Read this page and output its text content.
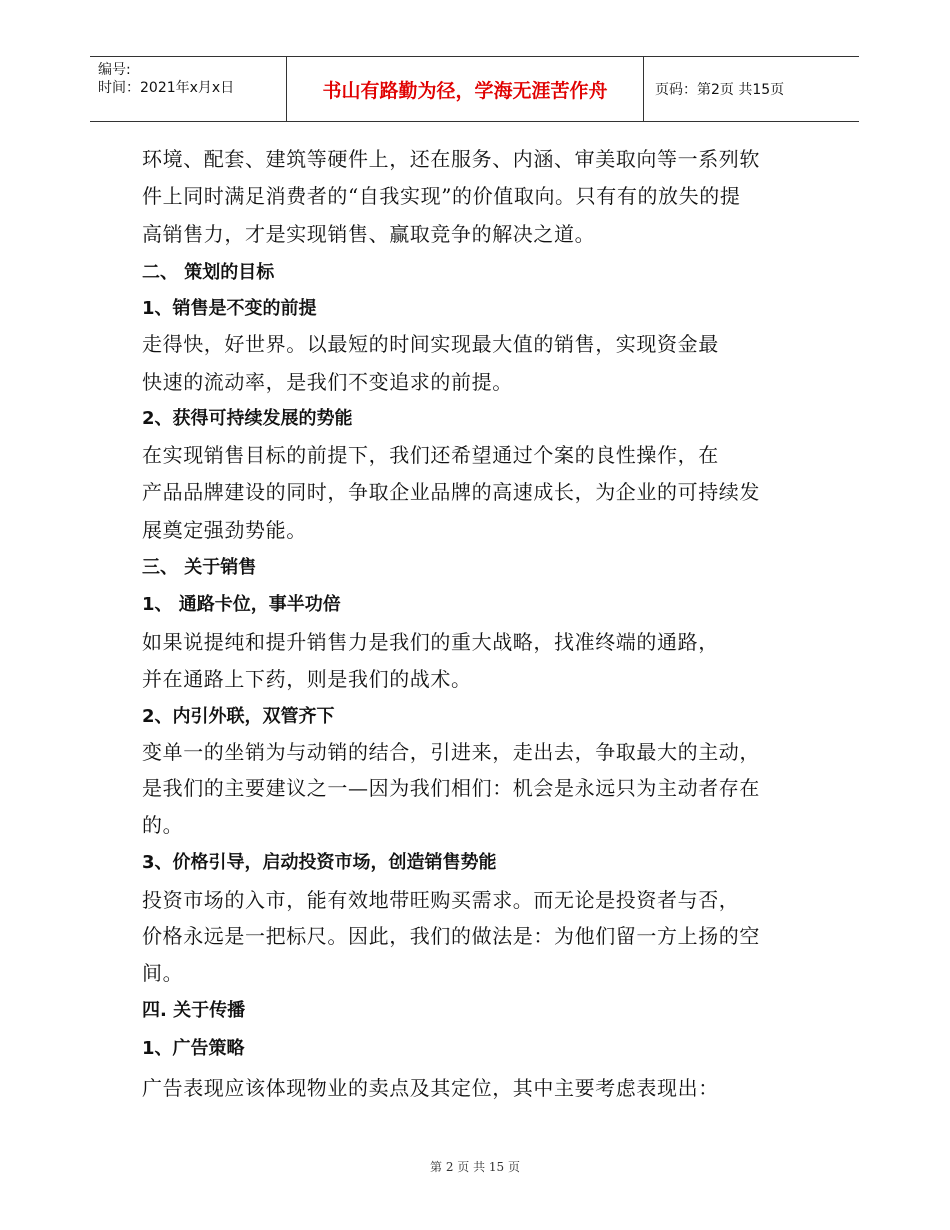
编号:
时间：2021年x月x日	书山有路勤为径，学海无涯苦作舟	页码：第2页 共15页
环境、配套、建筑等硬件上，还在服务、内涵、审美取向等一系列软
件上同时满足消费者的“自我实现”的价值取向。只有有的放失的提
高销售力，才是实现销售、赢取竞争的解决之道。
二、 策划的目标
1、销售是不变的前提
走得快，好世界。以最短的时间实现最大值的销售，实现资金最
快速的流动率，是我们不变追求的前提。
2、获得可持续发展的势能
在实现销售目标的前提下，我们还希望通过个案的良性操作，在
产品品牌建设的同时，争取企业品牌的高速成长，为企业的可持续发
展奠定强劲势能。
三、 关于销售
1、 通路卡位，事半功倍
如果说提纯和提升销售力是我们的重大战略，找准终端的通路，
并在通路上下药，则是我们的战术。
2、内引外联，双管齐下
变单一的坐销为与动销的结合，引进来，走出去，争取最大的主动，
是我们的主要建议之一—因为我们相们：机会是永远只为主动者存在
的。
3、价格引导，启动投资市场，创造销售势能
投资市场的入市，能有效地带旺购买需求。而无论是投资者与否，
价格永远是一把标尺。因此，我们的做法是：为他们留一方上扬的空
间。
四. 关于传播
1、广告策略
广告表现应该体现物业的卖点及其定位，其中主要考虑表现出：
第 2 页 共 15 页
